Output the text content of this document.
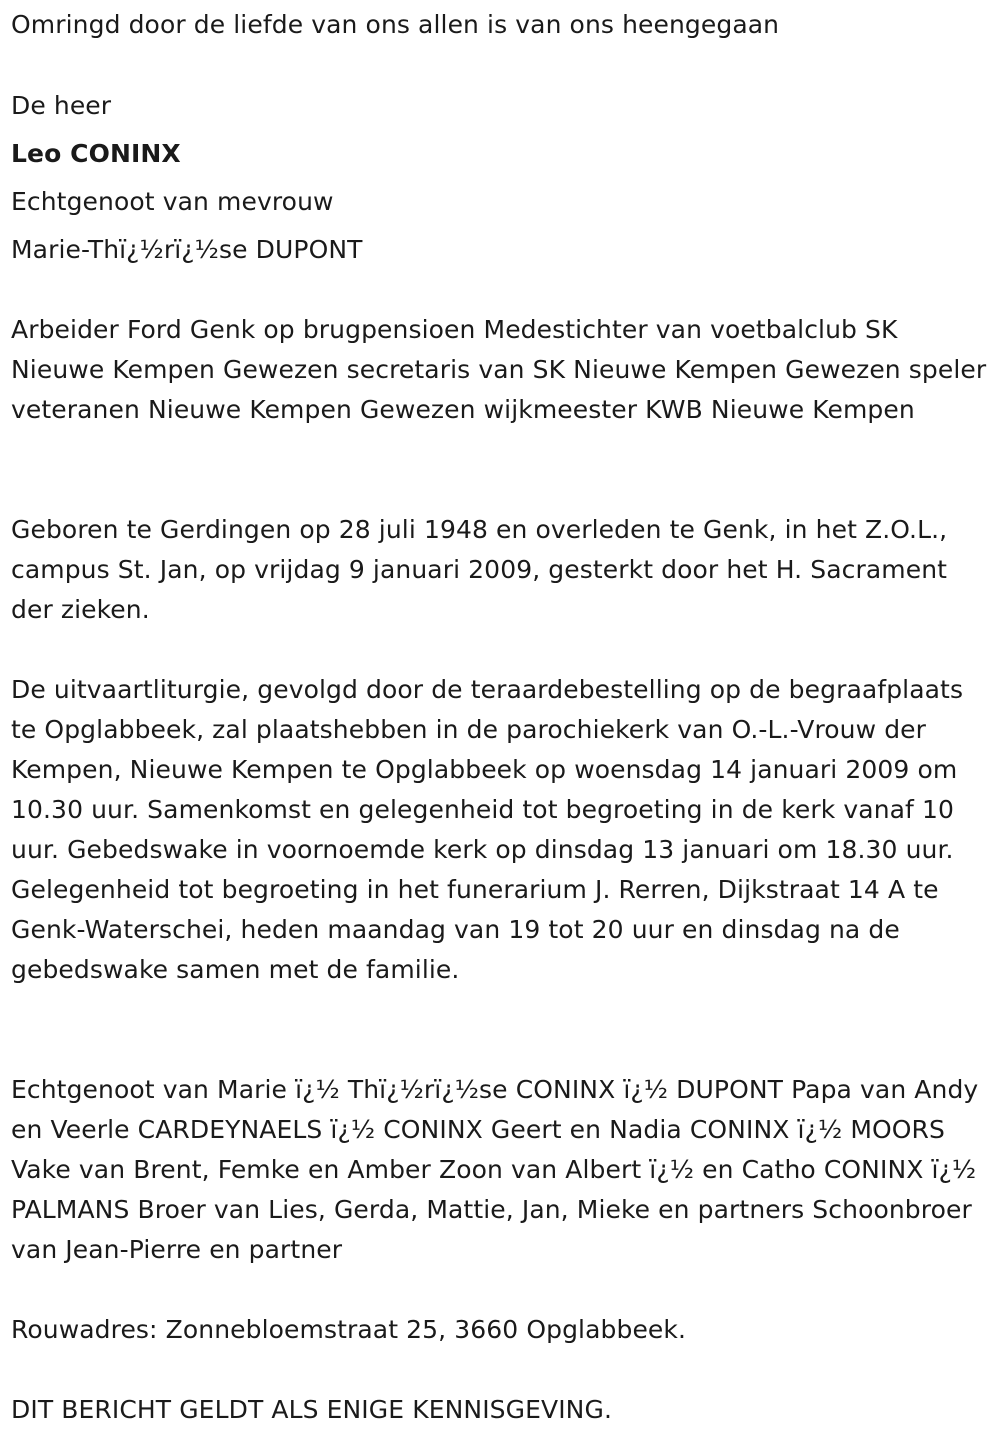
Omringd door de liefde van ons allen is van ons heengegaan
De heer
Leo CONINX
Echtgenoot van mevrouw
Marie-Thï¿½rï¿½se DUPONT
Arbeider Ford Genk op brugpensioen Medestichter van voetbalclub SK Nieuwe Kempen Gewezen secretaris van SK Nieuwe Kempen Gewezen speler veteranen Nieuwe Kempen Gewezen wijkmeester KWB Nieuwe Kempen
Geboren te Gerdingen op 28 juli 1948 en overleden te Genk, in het Z.O.L., campus St. Jan, op vrijdag 9 januari 2009, gesterkt door het H. Sacrament der zieken.
De uitvaartliturgie, gevolgd door de teraardebestelling op de begraafplaats te Opglabbeek, zal plaatshebben in de parochiekerk van O.-L.-Vrouw der Kempen, Nieuwe Kempen te Opglabbeek op woensdag 14 januari 2009 om 10.30 uur. Samenkomst en gelegenheid tot begroeting in de kerk vanaf 10 uur. Gebedswake in voornoemde kerk op dinsdag 13 januari om 18.30 uur. Gelegenheid tot begroeting in het funerarium J. Rerren, Dijkstraat 14 A te Genk-Waterschei, heden maandag van 19 tot 20 uur en dinsdag na de gebedswake samen met de familie.
Echtgenoot van Marie ï¿½ Thï¿½rï¿½se CONINX ï¿½ DUPONT Papa van Andy en Veerle CARDEYNAELS ï¿½ CONINX Geert en Nadia CONINX ï¿½ MOORS Vake van Brent, Femke en Amber Zoon van Albert ï¿½ en Catho CONINX ï¿½ PALMANS Broer van Lies, Gerda, Mattie, Jan, Mieke en partners Schoonbroer van Jean-Pierre en partner
Rouwadres: Zonnebloemstraat 25, 3660 Opglabbeek.
DIT BERICHT GELDT ALS ENIGE KENNISGEVING.
